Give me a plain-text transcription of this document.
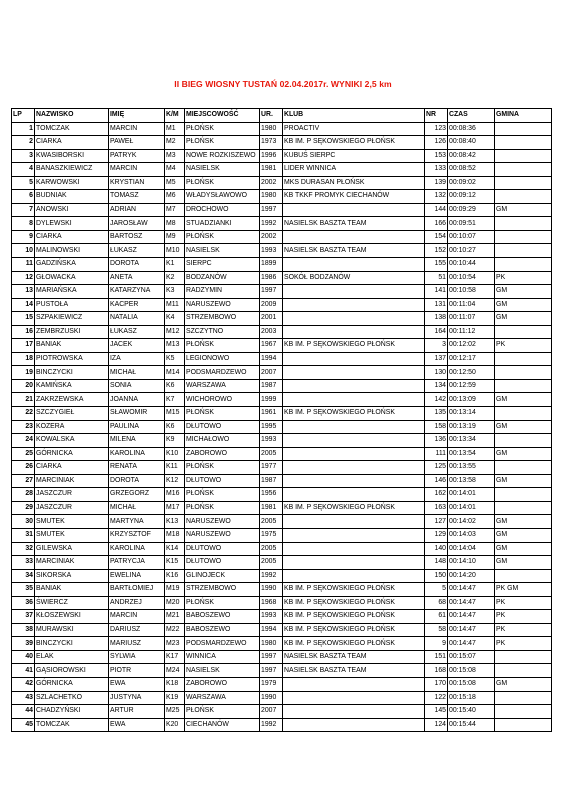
II BIEG WIOSNY TUSTAŃ 02.04.2017r. WYNIKI 2,5 km
LP	NAZWISKO	IMIĘ	K/M	MIEJSCOWOŚĆ	UR.	KLUB	NR	CZAS	GMINA
1	TOMCZAK	MARCIN	M1	PŁOŃSK	1980	PROACTIV	123	00:08:36	
2	CIARKA	PAWEŁ	M2	PŁOŃSK	1973	KB IM. P SĘKOWSKIEGO PŁOŃSK	126	00:08:40	
3	KWASIBORSKI	PATRYK	M3	NOWE ROZKISZEWO	1996	KUBUŚ SIERPC	153	00:08:42	
4	BANASZKIEWICZ	MARCIN	M4	NASIELSK	1981	LIDER WINNICA	133	00:08:52	
5	KARWOWSKI	KRYSTIAN	M5	PŁOŃSK	2002	MKS DURASAN PŁOŃSK	139	00:09:02	
6	BUDNIAK	TOMASZ	M6	WŁADYSŁAWOWO	1980	KB TKKF PROMYK CIECHANÓW	132	00:09:12	
7	ANOWSKI	ADRIAN	M7	DROCHOWO	1997		144	00:09:29	GM
8	DYLEWSKI	JAROSŁAW	M8	STUADZIANKI	1992	NASIELSK BASZTA TEAM	166	00:09:51	
9	CIARKA	BARTOSZ	M9	PŁOŃSK	2002		154	00:10:07	
10	MALINOWSKI	ŁUKASZ	M10	NASIELSK	1993	NASIELSK BASZTA TEAM	152	00:10:27	
11	GADZIŃSKA	DOROTA	K1	SIERPC	1899		155	00:10:44	
12	GŁOWACKA	ANETA	K2	BODZANÓW	1986	SOKÓŁ BODZANÓW	51	00:10:54	PK
13	MARIAŃSKA	KATARZYNA	K3	RADZYMIN	1997		141	00:10:58	GM
14	PUSTOŁA	KACPER	M11	NARUSZEWO	2009		131	00:11:04	GM
15	SZPAKIEWICZ	NATALIA	K4	STRZEMBOWO	2001		138	00:11:07	GM
16	ZEMBRZUSKI	ŁUKASZ	M12	SZCZYTNO	2003		164	00:11:12	
17	BANIAK	JACEK	M13	PŁOŃSK	1967	KB IM. P SĘKOWSKIEGO PŁOŃSK	3	00:12:02	PK
18	PIOTROWSKA	IZA	K5	LEGIONOWO	1994		137	00:12:17	
19	BINCZYCKI	MICHAŁ	M14	PODSMARDZEWO	2007		130	00:12:50	
20	KAMIŃSKA	SONIA	K6	WARSZAWA	1987		134	00:12:59	
21	ZAKRZEWSKA	JOANNA	K7	WICHOROWO	1999		142	00:13:09	GM
22	SZCZYGIEŁ	SŁAWOMIR	M15	PŁOŃSK	1961	KB IM. P SĘKOWSKIEGO PŁOŃSK	135	00:13:14	
23	KOZERA	PAULINA	K6	DŁUTOWO	1995		158	00:13:19	GM
24	KOWALSKA	MILENA	K9	MICHAŁOWO	1993		136	00:13:34	
25	GÓRNICKA	KAROLINA	K10	ZABOROWO	2005		111	00:13:54	GM
26	CIARKA	RENATA	K11	PŁOŃSK	1977		125	00:13:55	
27	MARCINIAK	DOROTA	K12	DŁUTOWO	1987		146	00:13:58	GM
28	JASZCZUR	GRZEGORZ	M16	PŁOŃSK	1956		162	00:14:01	
29	JASZCZUR	MICHAŁ	M17	PŁOŃSK	1981	KB IM. P SĘKOWSKIEGO PŁOŃSK	163	00:14:01	
30	SMUTEK	MARTYNA	K13	NARUSZEWO	2005		127	00:14:02	GM
31	SMUTEK	KRZYSZTOF	M18	NARUSZEWO	1975		129	00:14:03	GM
32	GILEWSKA	KAROLINA	K14	DŁUTOWO	2005		140	00:14:04	GM
33	MARCINIAK	PATRYCJA	K15	DŁUTOWO	2005		148	00:14:10	GM
34	SIKORSKA	EWELINA	K16	GLINOJECK	1992		150	00:14:20	
35	BANIAK	BARTŁOMIEJ	M19	STRZEMBOWO	1990	KB IM. P SĘKOWSKIEGO PŁOŃSK	5	00:14:47	PK GM
36	ŚWIERCZ	ANDRZEJ	M20	PŁOŃSK	1968	KB IM. P SĘKOWSKIEGO PŁOŃSK	68	00:14:47	PK
37	KŁOSZEWSKI	MARCIN	M21	BABOSZEWO	1993	KB IM. P SĘKOWSKIEGO PŁOŃSK	61	00:14:47	PK
38	MURAWSKI	DARIUSZ	M22	BABOSZEWO	1994	KB IM. P SĘKOWSKIEGO PŁOŃSK	58	00:14:47	PK
39	BINCZYCKI	MARIUSZ	M23	PODSMARDZEWO	1980	KB IM. P SĘKOWSKIEGO PŁOŃSK	9	00:14:47	PK
40	ELAK	SYLWIA	K17	WINNICA	1997	NASIELSK BASZTA TEAM	151	00:15:07	
41	GĄSIOROWSKI	PIOTR	M24	NASIELSK	1997	NASIELSK BASZTA TEAM	168	00:15:08	
42	GÓRNICKA	EWA	K18	ZABOROWO	1979		170	00:15:08	GM
43	SZLACHETKO	JUSTYNA	K19	WARSZAWA	1990		122	00:15:18	
44	CHADZYŃSKI	ARTUR	M25	PŁOŃSK	2007		145	00:15:40	
45	TOMCZAK	EWA	K20	CIECHANÓW	1992		124	00:15:44	
